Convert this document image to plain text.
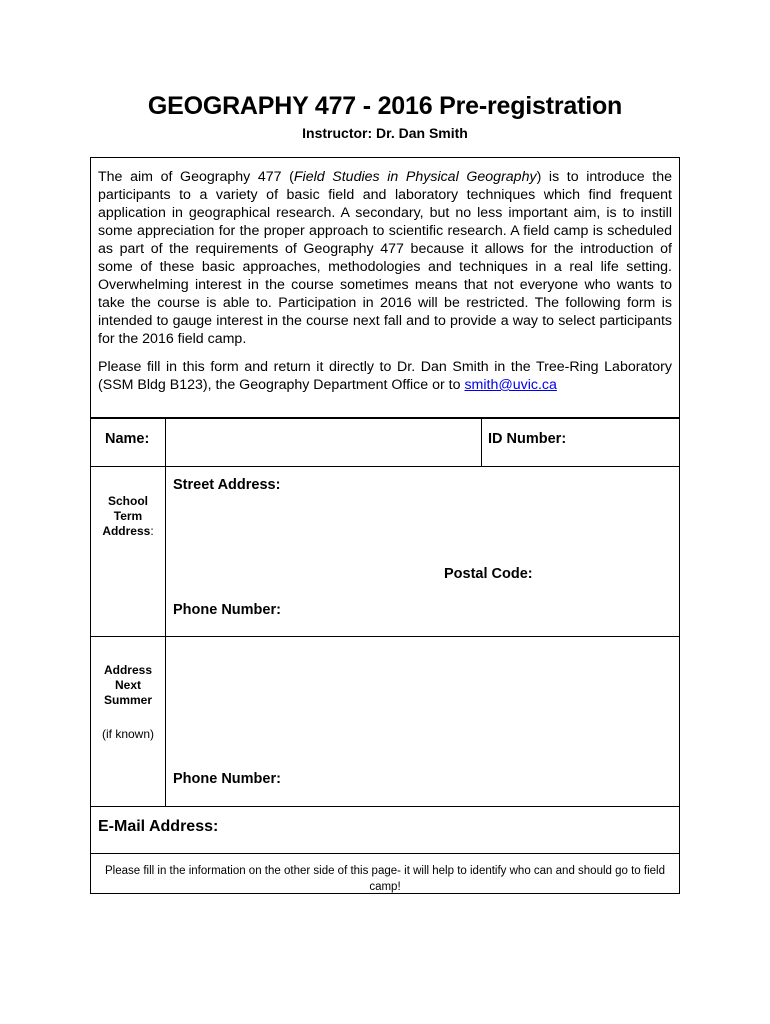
GEOGRAPHY 477 - 2016 Pre-registration
Instructor: Dr. Dan Smith

The aim of Geography 477 (Field Studies in Physical Geography) is to introduce the participants to a variety of basic field and laboratory techniques which find frequent application in geographical research. A secondary, but no less important aim, is to instill some appreciation for the proper approach to scientific research. A field camp is scheduled as part of the requirements of Geography 477 because it allows for the introduction of some of these basic approaches, methodologies and techniques in a real life setting. Overwhelming interest in the course sometimes means that not everyone who wants to take the course is able to. Participation in 2016 will be restricted. The following form is intended to gauge interest in the course next fall and to provide a way to select participants for the 2016 field camp.

Please fill in this form and return it directly to Dr. Dan Smith in the Tree-Ring Laboratory (SSM Bldg B123), the Geography Department Office or to smith@uvic.ca

Name:	ID Number:
School
Term
Address:
Street Address:
Postal Code:
Phone Number:
Address
Next
Summer
(if known)
Phone Number:
E-Mail Address:
Please fill in the information on the other side of this page- it will help to identify who can and should go to field camp!
